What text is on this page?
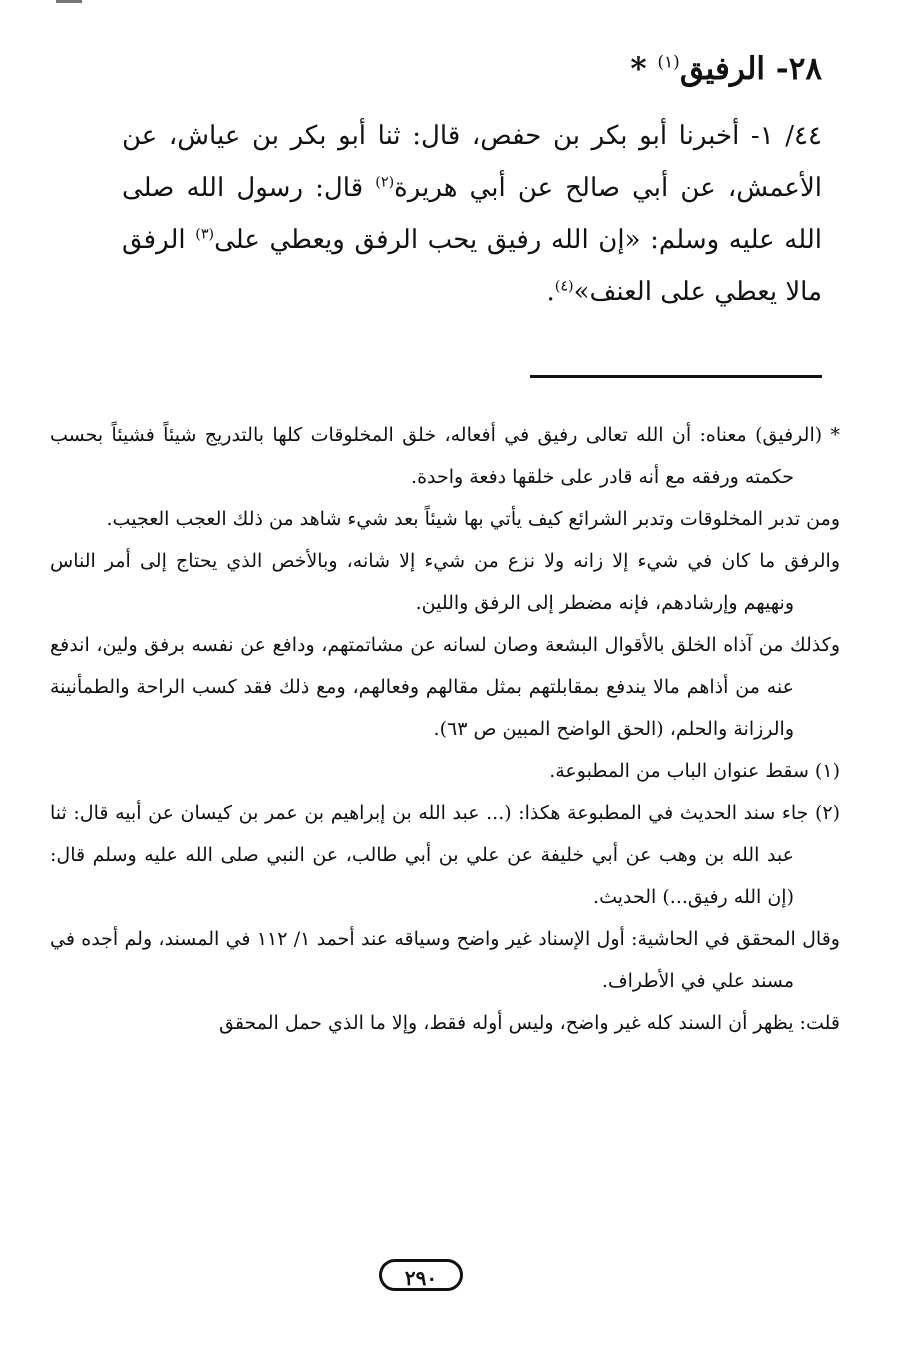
٢٨- الرفيق$^{(١)}$ *

٤٤/ ١- أخبرنا أبو بكر بن حفص، قال: ثنا أبو بكر بن عياش، عن الأعمش، عن أبي صالح عن أبي هريرة$^{(٢)}$ قال: رسول الله صلى الله عليه وسلم: «إن الله رفيق يحب الرفق ويعطي على$^{(٣)}$ الرفق مالا يعطي على العنف»$^{(٤)}$.

* (الرفيق) معناه: أن الله تعالى رفيق في أفعاله، خلق المخلوقات كلها بالتدريج شيئاً فشيئاً بحسب حكمته ورفقه مع أنه قادر على خلقها دفعة واحدة.

ومن تدبر المخلوقات وتدبر الشرائع كيف يأتي بها شيئاً بعد شيء شاهد من ذلك العجب العجيب.

والرفق ما كان في شيء إلا زانه ولا نزع من شيء إلا شانه، وبالأخص الذي يحتاج إلى أمر الناس ونهيهم وإرشادهم، فإنه مضطر إلى الرفق واللين.

وكذلك من آذاه الخلق بالأقوال البشعة وصان لسانه عن مشاتمتهم، ودافع عن نفسه برفق ولين، اندفع عنه من أذاهم مالا يندفع بمقابلتهم بمثل مقالهم وفعالهم، ومع ذلك فقد كسب الراحة والطمأنينة والرزانة والحلم، (الحق الواضح المبين ص ٦٣).

(١) سقط عنوان الباب من المطبوعة.

(٢) جاء سند الحديث في المطبوعة هكذا: (... عبد الله بن إبراهيم بن عمر بن كيسان عن أبيه قال: ثنا عبد الله بن وهب عن أبي خليفة عن علي بن أبي طالب، عن النبي صلى الله عليه وسلم قال: (إن الله رفيق...) الحديث.

وقال المحقق في الحاشية: أول الإسناد غير واضح وسياقه عند أحمد ١/ ١١٢ في المسند، ولم أجده في مسند علي في الأطراف.

قلت: يظهر أن السند كله غير واضح، وليس أوله فقط، وإلا ما الذي حمل المحقق

٢٩٠
